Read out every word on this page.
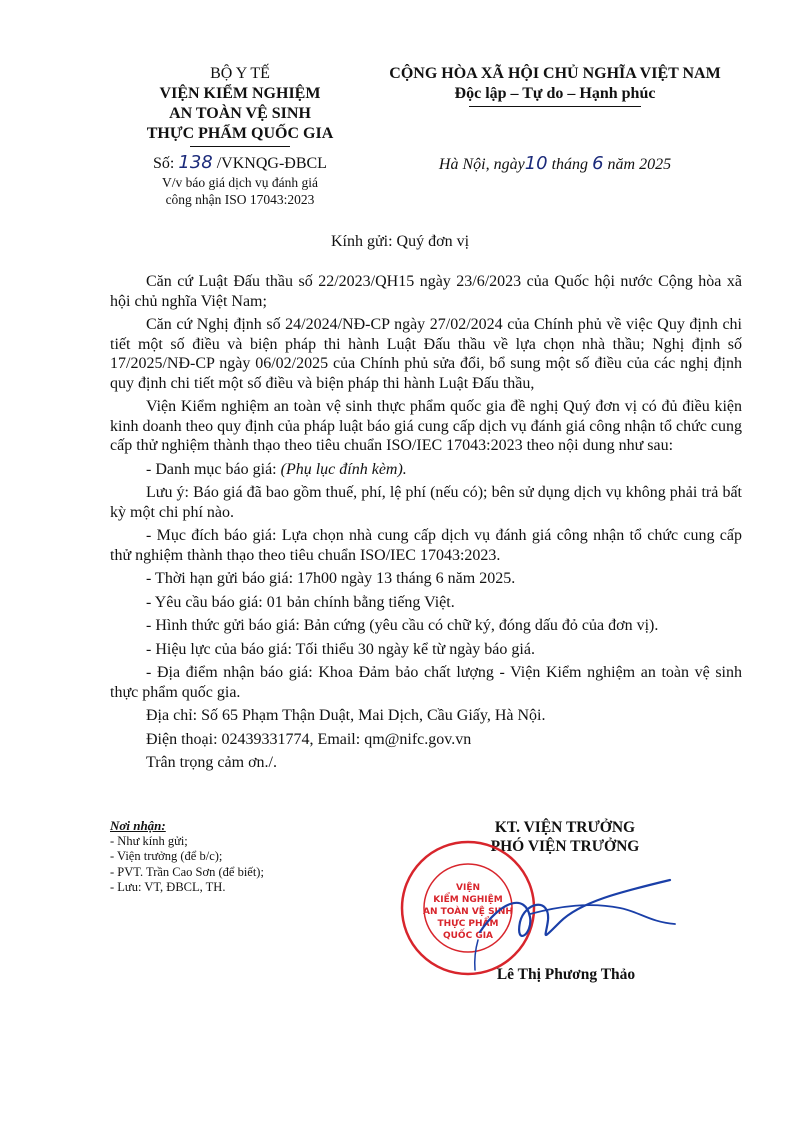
BỘ Y TẾ
VIỆN KIỂM NGHIỆM
AN TOÀN VỆ SINH
THỰC PHẨM QUỐC GIA
Số: 138 /VKNQG-ĐBCL
V/v báo giá dịch vụ đánh giá
công nhận ISO 17043:2023
CỘNG HÒA XÃ HỘI CHỦ NGHĨA VIỆT NAM
Độc lập – Tự do – Hạnh phúc
Hà Nội, ngày10 tháng 6 năm 2025
Kính gửi: Quý đơn vị

Căn cứ Luật Đấu thầu số 22/2023/QH15 ngày 23/6/2023 của Quốc hội nước Cộng hòa xã hội chủ nghĩa Việt Nam;

Căn cứ Nghị định số 24/2024/NĐ-CP ngày 27/02/2024 của Chính phủ về việc Quy định chi tiết một số điều và biện pháp thi hành Luật Đấu thầu về lựa chọn nhà thầu; Nghị định số 17/2025/NĐ-CP ngày 06/02/2025 của Chính phủ sửa đổi, bổ sung một số điều của các nghị định quy định chi tiết một số điều và biện pháp thi hành Luật Đấu thầu,

Viện Kiểm nghiệm an toàn vệ sinh thực phẩm quốc gia đề nghị Quý đơn vị có đủ điều kiện kinh doanh theo quy định của pháp luật báo giá cung cấp dịch vụ đánh giá công nhận tổ chức cung cấp thử nghiệm thành thạo theo tiêu chuẩn ISO/IEC 17043:2023 theo nội dung như sau:

- Danh mục báo giá: (Phụ lục đính kèm).

Lưu ý: Báo giá đã bao gồm thuế, phí, lệ phí (nếu có); bên sử dụng dịch vụ không phải trả bất kỳ một chi phí nào.

- Mục đích báo giá: Lựa chọn nhà cung cấp dịch vụ đánh giá công nhận tổ chức cung cấp thử nghiệm thành thạo theo tiêu chuẩn ISO/IEC 17043:2023.

- Thời hạn gửi báo giá: 17h00 ngày 13 tháng 6 năm 2025.

- Yêu cầu báo giá: 01 bản chính bằng tiếng Việt.

- Hình thức gửi báo giá: Bản cứng (yêu cầu có chữ ký, đóng dấu đỏ của đơn vị).

- Hiệu lực của báo giá: Tối thiểu 30 ngày kể từ ngày báo giá.

- Địa điểm nhận báo giá: Khoa Đảm bảo chất lượng - Viện Kiểm nghiệm an toàn vệ sinh thực phẩm quốc gia.

Địa chỉ: Số 65 Phạm Thận Duật, Mai Dịch, Cầu Giấy, Hà Nội.

Điện thoại: 02439331774, Email: qm@nifc.gov.vn

Trân trọng cảm ơn./.

Nơi nhận:
- Như kính gửi;
- Viện trưởng (để b/c);
- PVT. Trần Cao Sơn (để biết);
- Lưu: VT, ĐBCL, TH.
KT. VIỆN TRƯỞNG
PHÓ VIỆN TRƯỞNG
VIỆN
KIỂM NGHIỆM
AN TOÀN VỆ SINH
THỰC PHẨM
QUỐC GIA
Lê Thị Phương Thảo
